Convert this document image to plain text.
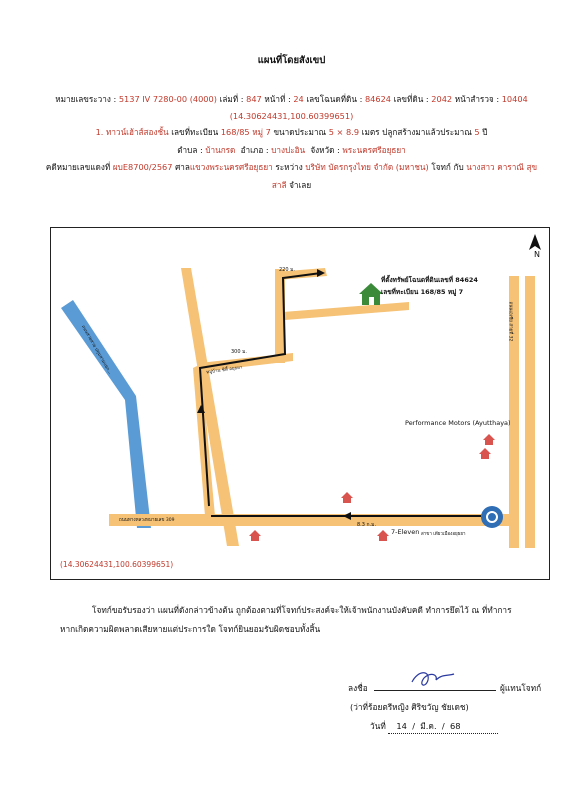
แผนที่โดยสังเขป
หมายเลขระวาง : 5137 IV 7280-00 (4000) เล่มที่ : 847 หน้าที่ : 24 เลขโฉนดที่ดิน : 84624 เลขที่ดิน : 2042 หน้าสำรวจ : 10404
(14.30624431,100.60399651)
1. ทาวน์เฮ้าส์สองชั้น เลขที่ทะเบียน 168/85 หมู่ 7 ขนาดประมาณ 5 × 8.9 เมตร ปลูกสร้างมาแล้วประมาณ 5 ปี
ตำบล : บ้านกรด อำเภอ : บางปะอิน จังหวัด : พระนครศรีอยุธยา
คดีหมายเลขแดงที่ ผบE8700/2567 ศาลแขวงพระนครศรีอยุธยา ระหว่าง บริษัท บัตรกรุงไทย จำกัด (มหาชน) โจทก์ กับ นางสาว คาราณี สุข
สาลี จำเลย
N
ที่ตั้งทรัพย์โฉนดที่ดินเลขที่ 84624
เลขที่ทะเบียน 168/85 หมู่ 7
220 ม.
300 ม.
8.3 ก.ม.
หมู่บ้าน ซิตี้ อยุธยา
ถนนทางหลวงหมายเลข 309
ถนนสายสาย ปทุมสามแยก...
ถนนเอเชีย สายที่ 32
Performance Motors (Ayutthaya)
7-Eleven สาขา เดียวเมืองอยุธยา
(14.30624431,100.60399651)
โจทก์ขอรับรองว่า แผนที่ดังกล่าวข้างต้น ถูกต้องตามที่โจทก์ประสงค์จะให้เจ้าพนักงานบังคับคดี ทำการยึดไว้ ณ ที่ทำการ
หากเกิดความผิดพลาดเสียหายแต่ประการใด โจทก์ยินยอมรับผิดชอบทั้งสิ้น
ลงชื่อ	ผู้แทนโจทก์
(ว่าที่ร้อยตรีหญิง ศิริขวัญ ชัยเดช)
วันที่ 14 / มี.ค. / 68
